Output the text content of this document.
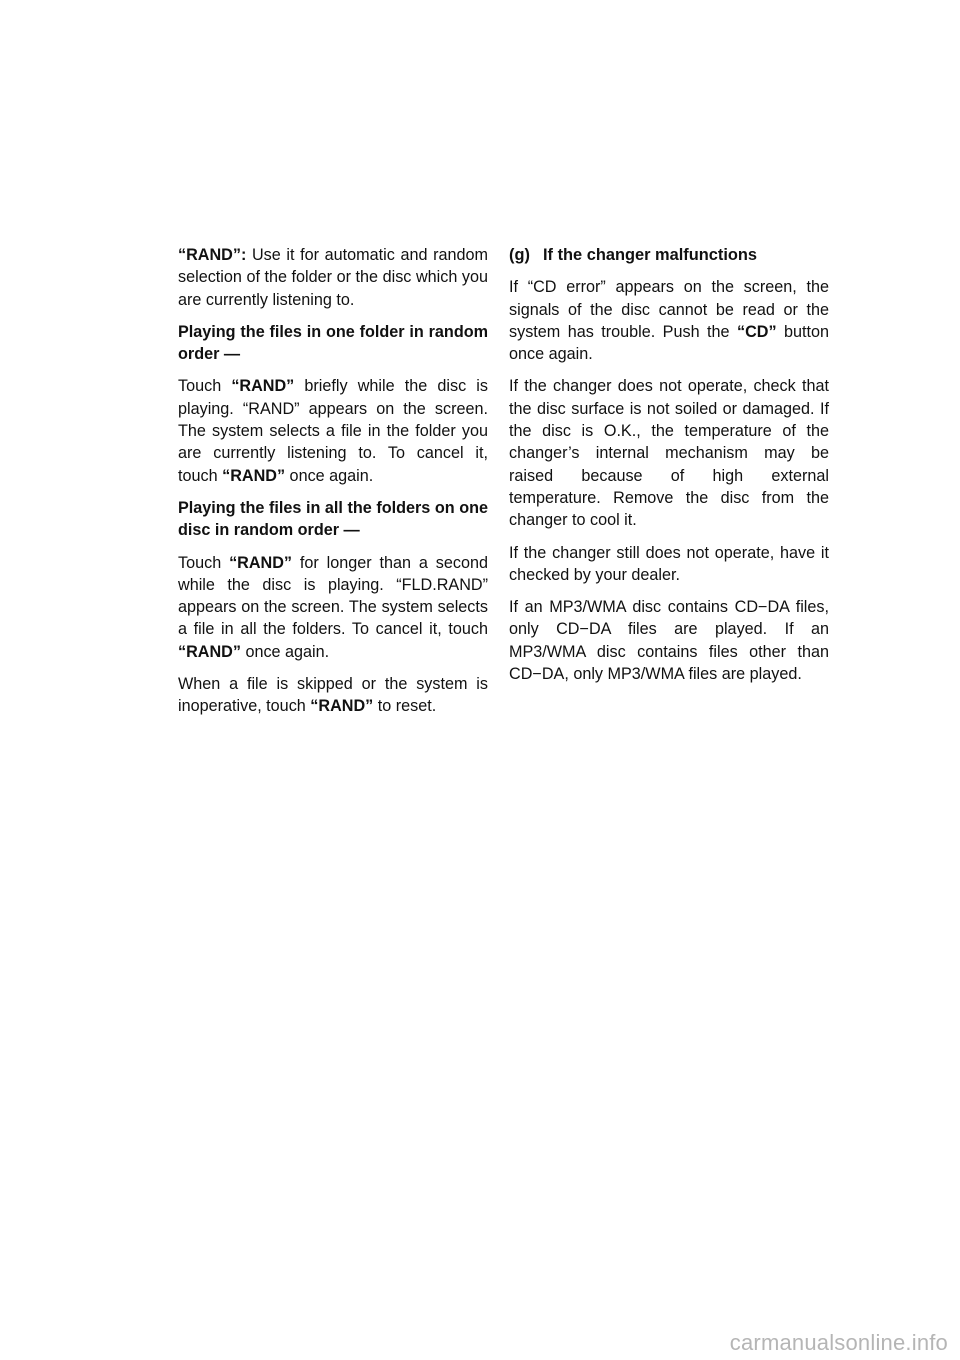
“RAND”: Use it for automatic and random selection of the folder or the disc which you are currently listening to.

Playing the files in one folder in random order —

Touch “RAND” briefly while the disc is playing. “RAND” appears on the screen. The system selects a file in the folder you are currently listening to. To cancel it, touch “RAND” once again.

Playing the files in all the folders on one disc in random order —

Touch “RAND” for longer than a second while the disc is playing. “FLD.RAND” appears on the screen. The system selects a file in all the folders. To cancel it, touch “RAND” once again.

When a file is skipped or the system is inoperative, touch “RAND” to reset.

(g) If the changer malfunctions

If “CD error” appears on the screen, the signals of the disc cannot be read or the system has trouble. Push the “CD” button once again.

If the changer does not operate, check that the disc surface is not soiled or damaged. If the disc is O.K., the temperature of the changer’s internal mechanism may be raised because of high external temperature. Remove the disc from the changer to cool it.

If the changer still does not operate, have it checked by your dealer.

If an MP3/WMA disc contains CD−DA files, only CD−DA files are played. If an MP3/WMA disc contains files other than CD−DA, only MP3/WMA files are played.

carmanualsonline.info
